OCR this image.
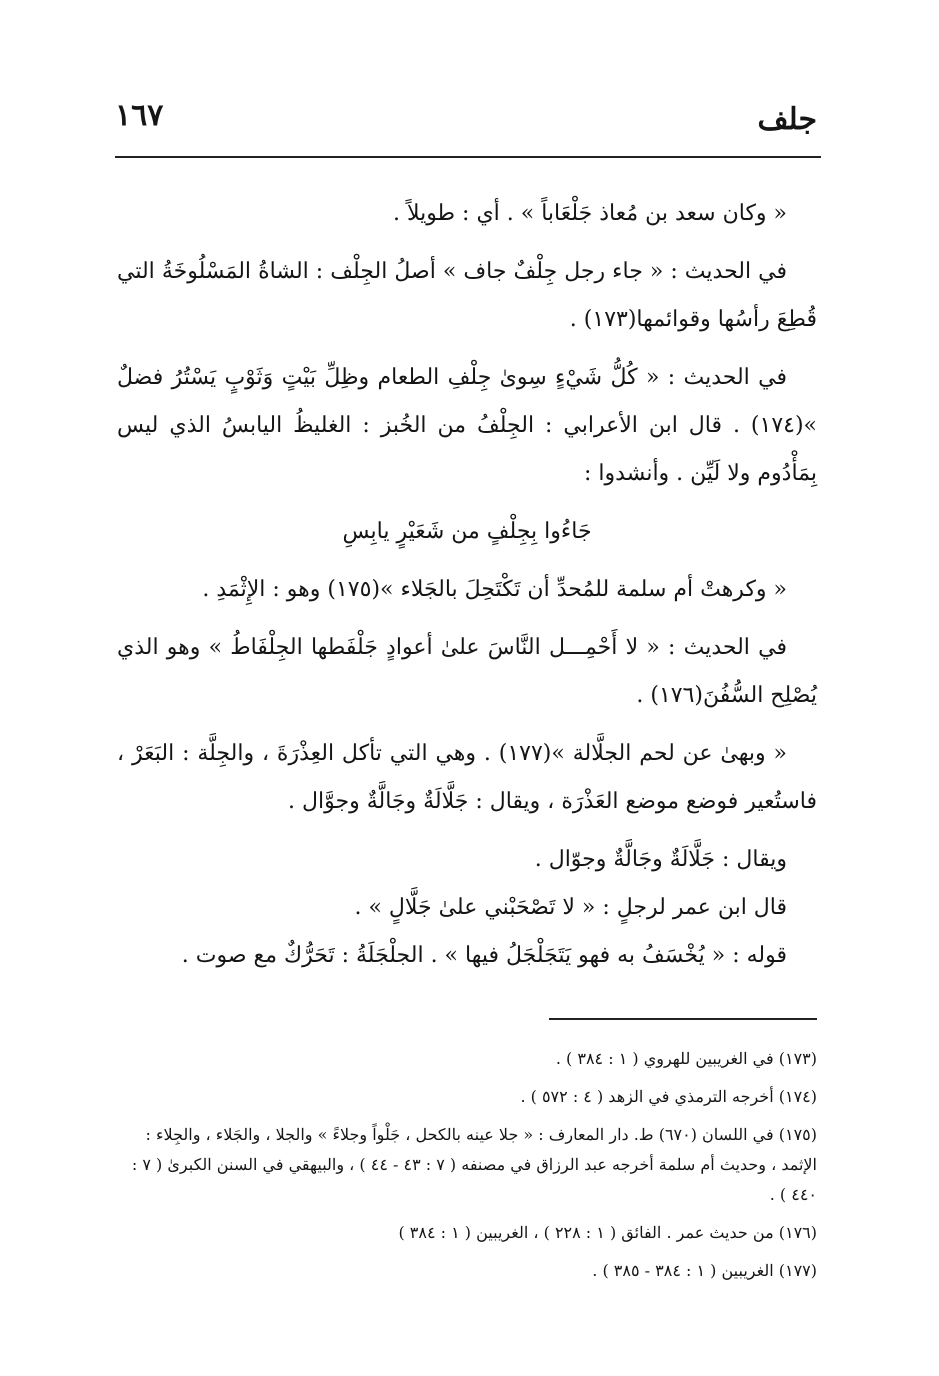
١٦٧	جلف

« وكان سعد بن مُعاذ جَلْعَاباً » . أي : طويلاً .

في الحديث : « جاء رجل جِلْفٌ جاف » أصلُ الجِلْف : الشاةُ المَسْلُوخَةُ التي قُطِعَ رأسُها وقوائمها(١٧٣) .

في الحديث : « كُلُّ شَيْءٍ سِوىٰ جِلْفِ الطعام وظِلِّ بَيْتٍ وَثَوْبٍ يَسْتُرُ فضلٌ »(١٧٤) . قال ابن الأعرابي : الجِلْفُ من الخُبز : الغليظُ اليابسُ الذي ليس بِمَأْدُوم ولا لَيِّن . وأنشدوا :

جَاءُوا بِجِلْفٍ من شَعَيْرٍ يابِسِ

« وكرهتْ أم سلمة للمُحدِّ أن تَكْتَحِلَ بالجَلاء »(١٧٥) وهو : الإِثْمَدِ .

في الحديث : « لا أَحْمِـــل النَّاسَ علىٰ أعوادٍ جَلْفَطها الجِلْفَاطُ » وهو الذي يُصْلِح السُّفُنَ(١٧٦) .

« وبهىٰ عن لحم الجلَّالة »(١٧٧) . وهي التي تأكل العِذْرَةَ ، والجِلَّة : البَعَرْ ، فاستُعير فوضع موضع العَذْرَة ، ويقال : جَلَّالَةٌ وجَالَّةٌ وجوَّال .

ويقال : جَلَّالَةٌ وجَالَّةٌ وجوّال .

قال ابن عمر لرجلٍ : « لا تَصْحَبْني علىٰ جَلَّالٍ » .

قوله : « يُخْسَفُ به فهو يَتَجَلْجَلُ فيها » . الجلْجَلَةُ : تَحَرُّكٌ مع صوت .

(١٧٣) في الغريبين للهروي ( ١ : ٣٨٤ ) .

(١٧٤) أخرجه الترمذي في الزهد ( ٤ : ٥٧٢ ) .

(١٧٥) في اللسان (٦٧٠) ط. دار المعارف : « جلا عينه بالكحل ، جَلْواً وجلاءً » والجلا ، والجَلاء ، والجِلاء : الإثمد ، وحديث أم سلمة أخرجه عبد الرزاق في مصنفه ( ٧ : ٤٣ - ٤٤ ) ، والبيهقي في السنن الكبرىٰ ( ٧ : ٤٤٠ ) .

(١٧٦) من حديث عمر . الفائق ( ١ : ٢٢٨ ) ، الغريبين ( ١ : ٣٨٤ )

(١٧٧) الغريبين ( ١ : ٣٨٤ - ٣٨٥ ) .
